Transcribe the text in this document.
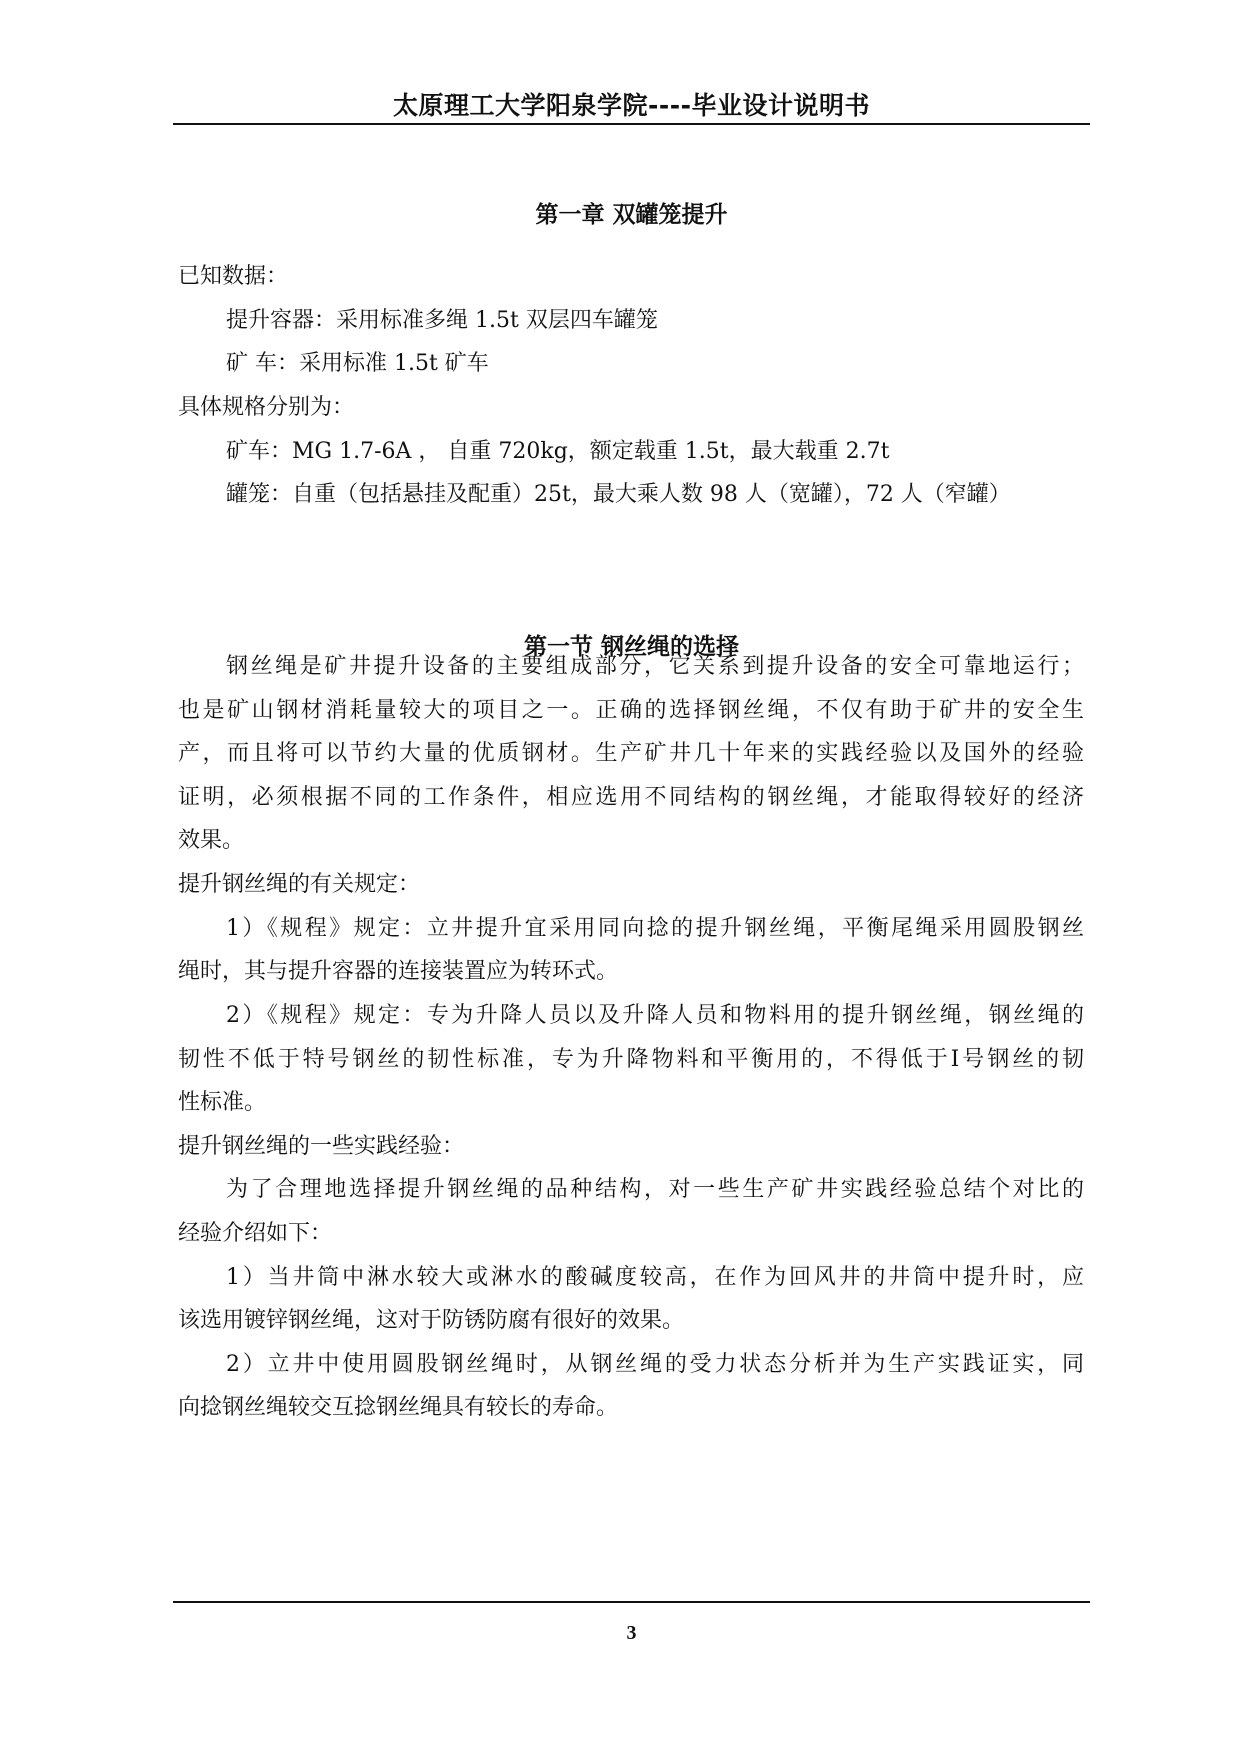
太原理工大学阳泉学院----毕业设计说明书
第一章 双罐笼提升
已知数据：
提升容器：采用标准多绳 1.5t 双层四车罐笼
矿 车：采用标准 1.5t 矿车
具体规格分别为：
矿车：MG 1.7-6A ， 自重 720kg，额定载重 1.5t，最大载重 2.7t
罐笼：自重（包括悬挂及配重）25t，最大乘人数 98 人（宽罐），72 人（窄罐）
第一节 钢丝绳的选择
钢丝绳是矿井提升设备的主要组成部分，它关系到提升设备的安全可靠地运行；
也是矿山钢材消耗量较大的项目之一。正确的选择钢丝绳，不仅有助于矿井的安全生
产，而且将可以节约大量的优质钢材。生产矿井几十年来的实践经验以及国外的经验
证明，必须根据不同的工作条件，相应选用不同结构的钢丝绳，才能取得较好的经济
效果。
提升钢丝绳的有关规定：
1）《规程》规定：立井提升宜采用同向捻的提升钢丝绳，平衡尾绳采用圆股钢丝
绳时，其与提升容器的连接装置应为转环式。
2）《规程》规定：专为升降人员以及升降人员和物料用的提升钢丝绳，钢丝绳的
韧性不低于特号钢丝的韧性标准，专为升降物料和平衡用的，不得低于Ⅰ号钢丝的韧
性标准。
提升钢丝绳的一些实践经验：
为了合理地选择提升钢丝绳的品种结构，对一些生产矿井实践经验总结个对比的
经验介绍如下：
1）当井筒中淋水较大或淋水的酸碱度较高，在作为回风井的井筒中提升时，应
该选用镀锌钢丝绳，这对于防锈防腐有很好的效果。
2）立井中使用圆股钢丝绳时，从钢丝绳的受力状态分析并为生产实践证实，同
向捻钢丝绳较交互捻钢丝绳具有较长的寿命。
3
